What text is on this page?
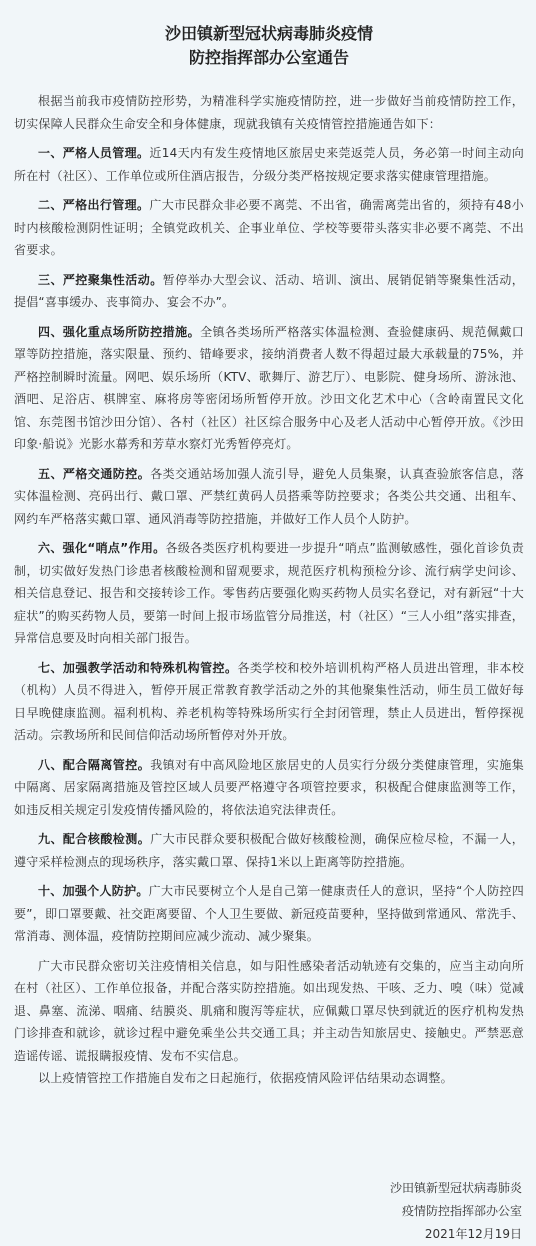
沙田镇新型冠状病毒肺炎疫情
防控指挥部办公室通告

根据当前我市疫情防控形势，为精准科学实施疫情防控，进一步做好当前疫情防控工作，切实保障人民群众生命安全和身体健康，现就我镇有关疫情管控措施通告如下：

一、严格人员管理。近14天内有发生疫情地区旅居史来莞返莞人员，务必第一时间主动向所在村（社区）、工作单位或所住酒店报告，分级分类严格按规定要求落实健康管理措施。

二、严格出行管理。广大市民群众非必要不离莞、不出省，确需离莞出省的，须持有48小时内核酸检测阴性证明；全镇党政机关、企事业单位、学校等要带头落实非必要不离莞、不出省要求。

三、严控聚集性活动。暂停举办大型会议、活动、培训、演出、展销促销等聚集性活动，提倡“喜事缓办、丧事简办、宴会不办”。

四、强化重点场所防控措施。全镇各类场所严格落实体温检测、查验健康码、规范佩戴口罩等防控措施，落实限量、预约、错峰要求，接纳消费者人数不得超过最大承载量的75%，并严格控制瞬时流量。网吧、娱乐场所（KTV、歌舞厅、游艺厅）、电影院、健身场所、游泳池、酒吧、足浴店、棋牌室、麻将房等密闭场所暂停开放。沙田文化艺术中心（含岭南置民文化馆、东莞图书馆沙田分馆）、各村（社区）社区综合服务中心及老人活动中心暂停开放。《沙田印象·船说》光影水幕秀和芳草水察灯光秀暂停亮灯。

五、严格交通防控。各类交通站场加强人流引导，避免人员集聚，认真查验旅客信息，落实体温检测、亮码出行、戴口罩、严禁红黄码人员搭乘等防控要求；各类公共交通、出租车、网约车严格落实戴口罩、通风消毒等防控措施，并做好工作人员个人防护。

六、强化“哨点”作用。各级各类医疗机构要进一步提升“哨点”监测敏感性，强化首诊负责制，切实做好发热门诊患者核酸检测和留观要求，规范医疗机构预检分诊、流行病学史问诊、相关信息登记、报告和交接转诊工作。零售药店要强化购买药物人员实名登记，对有新冠“十大症状”的购买药物人员，要第一时间上报市场监管分局推送，村（社区）“三人小组”落实排查，异常信息要及时向相关部门报告。

七、加强教学活动和特殊机构管控。各类学校和校外培训机构严格人员进出管理，非本校（机构）人员不得进入，暂停开展正常教育教学活动之外的其他聚集性活动，师生员工做好每日早晚健康监测。福利机构、养老机构等特殊场所实行全封闭管理，禁止人员进出，暂停探视活动。宗教场所和民间信仰活动场所暂停对外开放。

八、配合隔离管控。我镇对有中高风险地区旅居史的人员实行分级分类健康管理，实施集中隔离、居家隔离措施及管控区域人员要严格遵守各项管控要求，积极配合健康监测等工作，如违反相关规定引发疫情传播风险的，将依法追究法律责任。

九、配合核酸检测。广大市民群众要积极配合做好核酸检测，确保应检尽检，不漏一人，遵守采样检测点的现场秩序，落实戴口罩、保持1米以上距离等防控措施。

十、加强个人防护。广大市民要树立个人是自己第一健康责任人的意识，坚持“个人防控四要”，即口罩要戴、社交距离要留、个人卫生要做、新冠疫苗要种，坚持做到常通风、常洗手、常消毒、测体温，疫情防控期间应减少流动、减少聚集。

广大市民群众密切关注疫情相关信息，如与阳性感染者活动轨迹有交集的，应当主动向所在村（社区）、工作单位报备，并配合落实防控措施。如出现发热、干咳、乏力、嗅（味）觉减退、鼻塞、流涕、咽痛、结膜炎、肌痛和腹泻等症状，应佩戴口罩尽快到就近的医疗机构发热门诊排查和就诊，就诊过程中避免乘坐公共交通工具；并主动告知旅居史、接触史。严禁恶意造谣传谣、谎报瞒报疫情、发布不实信息。

以上疫情管控工作措施自发布之日起施行，依据疫情风险评估结果动态调整。

沙田镇新型冠状病毒肺炎
疫情防控指挥部办公室
2021年12月19日
